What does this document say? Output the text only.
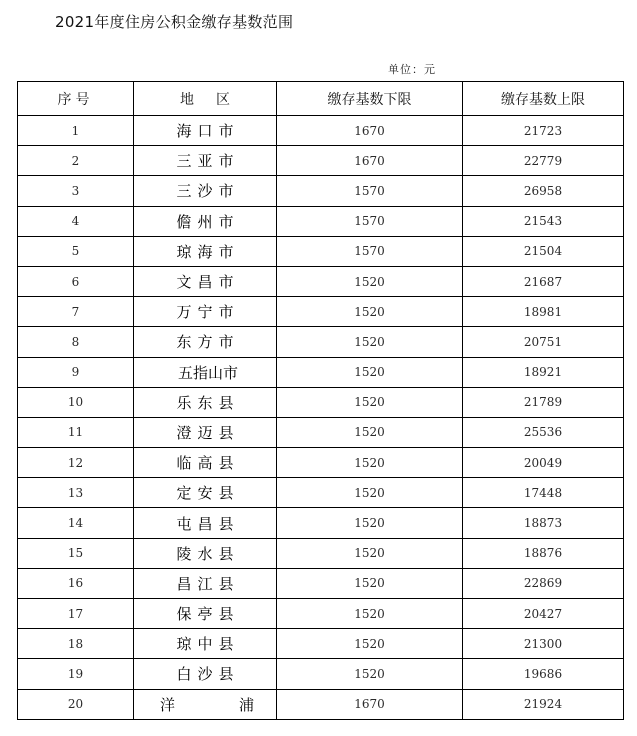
2021年度住房公积金缴存基数范围
单位：元
序号	地区	缴存基数下限	缴存基数上限
1	海口市	1670	21723
2	三亚市	1670	22779
3	三沙市	1570	26958
4	儋州市	1570	21543
5	琼海市	1570	21504
6	文昌市	1520	21687
7	万宁市	1520	18981
8	东方市	1520	20751
9	五指山市	1520	18921
10	乐东县	1520	21789
11	澄迈县	1520	25536
12	临高县	1520	20049
13	定安县	1520	17448
14	屯昌县	1520	18873
15	陵水县	1520	18876
16	昌江县	1520	22869
17	保亭县	1520	20427
18	琼中县	1520	21300
19	白沙县	1520	19686
20	洋 浦	1670	21924
